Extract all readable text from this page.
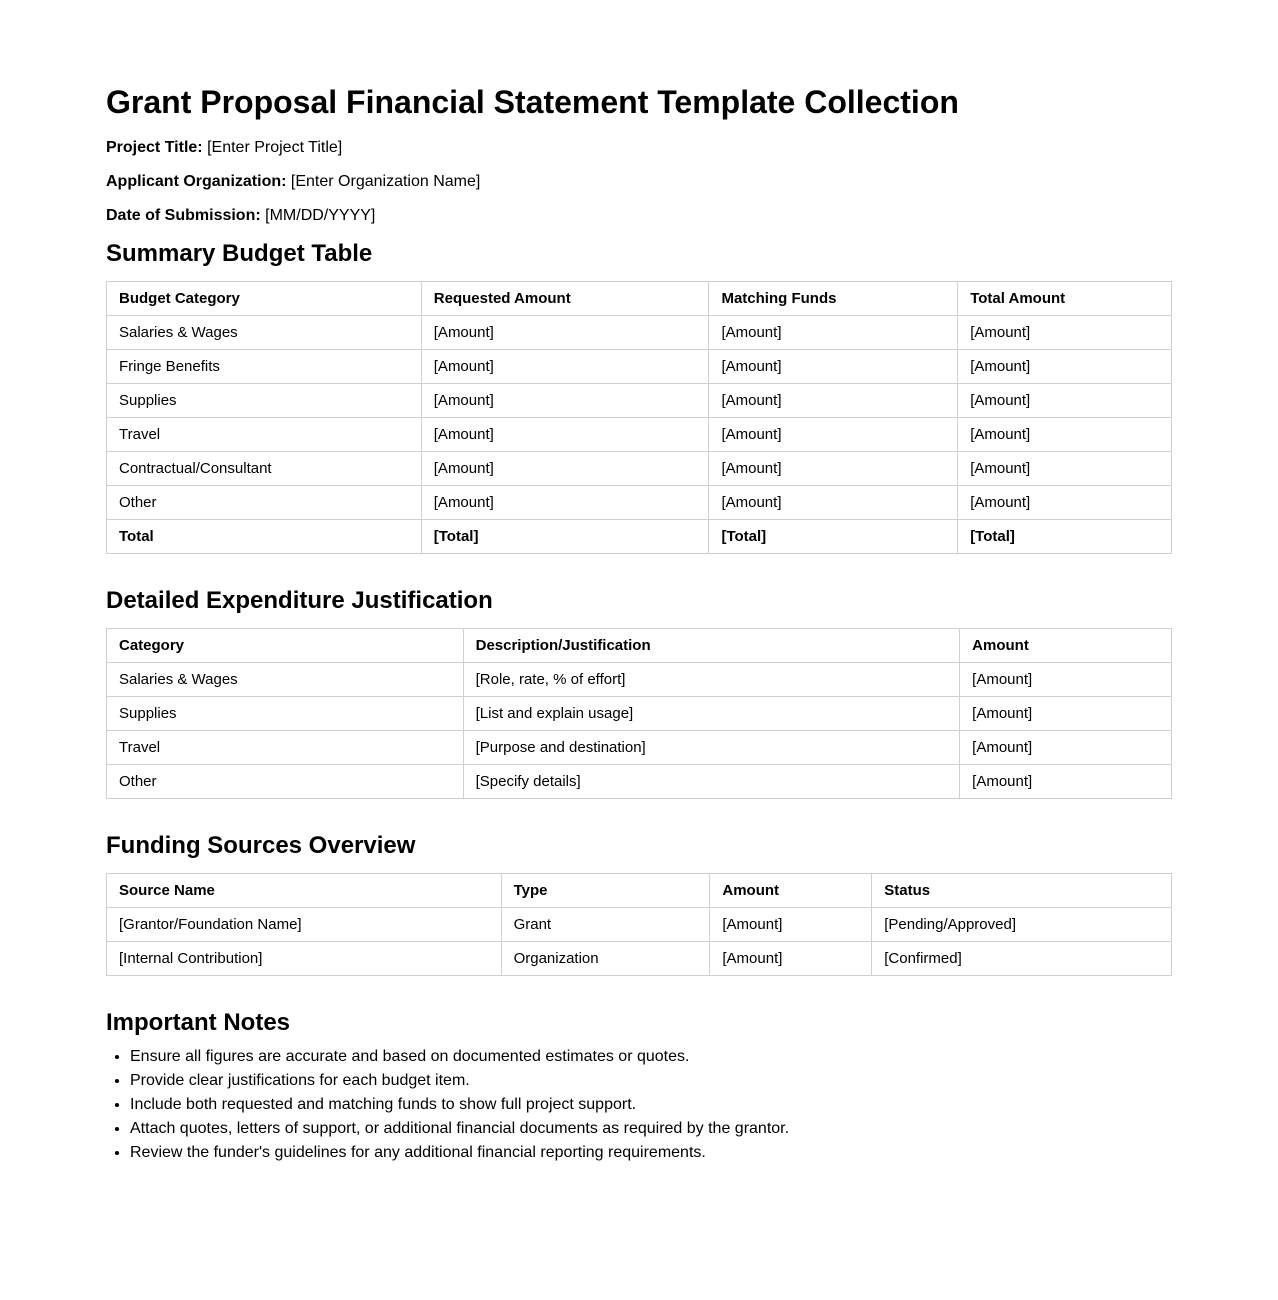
Grant Proposal Financial Statement Template Collection

Project Title: [Enter Project Title]

Applicant Organization: [Enter Organization Name]

Date of Submission: [MM/DD/YYYY]

Summary Budget Table
Budget Category	Requested Amount	Matching Funds	Total Amount
Salaries & Wages	[Amount]	[Amount]	[Amount]
Fringe Benefits	[Amount]	[Amount]	[Amount]
Supplies	[Amount]	[Amount]	[Amount]
Travel	[Amount]	[Amount]	[Amount]
Contractual/Consultant	[Amount]	[Amount]	[Amount]
Other	[Amount]	[Amount]	[Amount]
Total	[Total]	[Total]	[Total]
Detailed Expenditure Justification
Category	Description/Justification	Amount
Salaries & Wages	[Role, rate, % of effort]	[Amount]
Supplies	[List and explain usage]	[Amount]
Travel	[Purpose and destination]	[Amount]
Other	[Specify details]	[Amount]
Funding Sources Overview
Source Name	Type	Amount	Status
[Grantor/Foundation Name]	Grant	[Amount]	[Pending/Approved]
[Internal Contribution]	Organization	[Amount]	[Confirmed]
Important Notes
• Ensure all figures are accurate and based on documented estimates or quotes.
• Provide clear justifications for each budget item.
• Include both requested and matching funds to show full project support.
• Attach quotes, letters of support, or additional financial documents as required by the grantor.
• Review the funder's guidelines for any additional financial reporting requirements.
